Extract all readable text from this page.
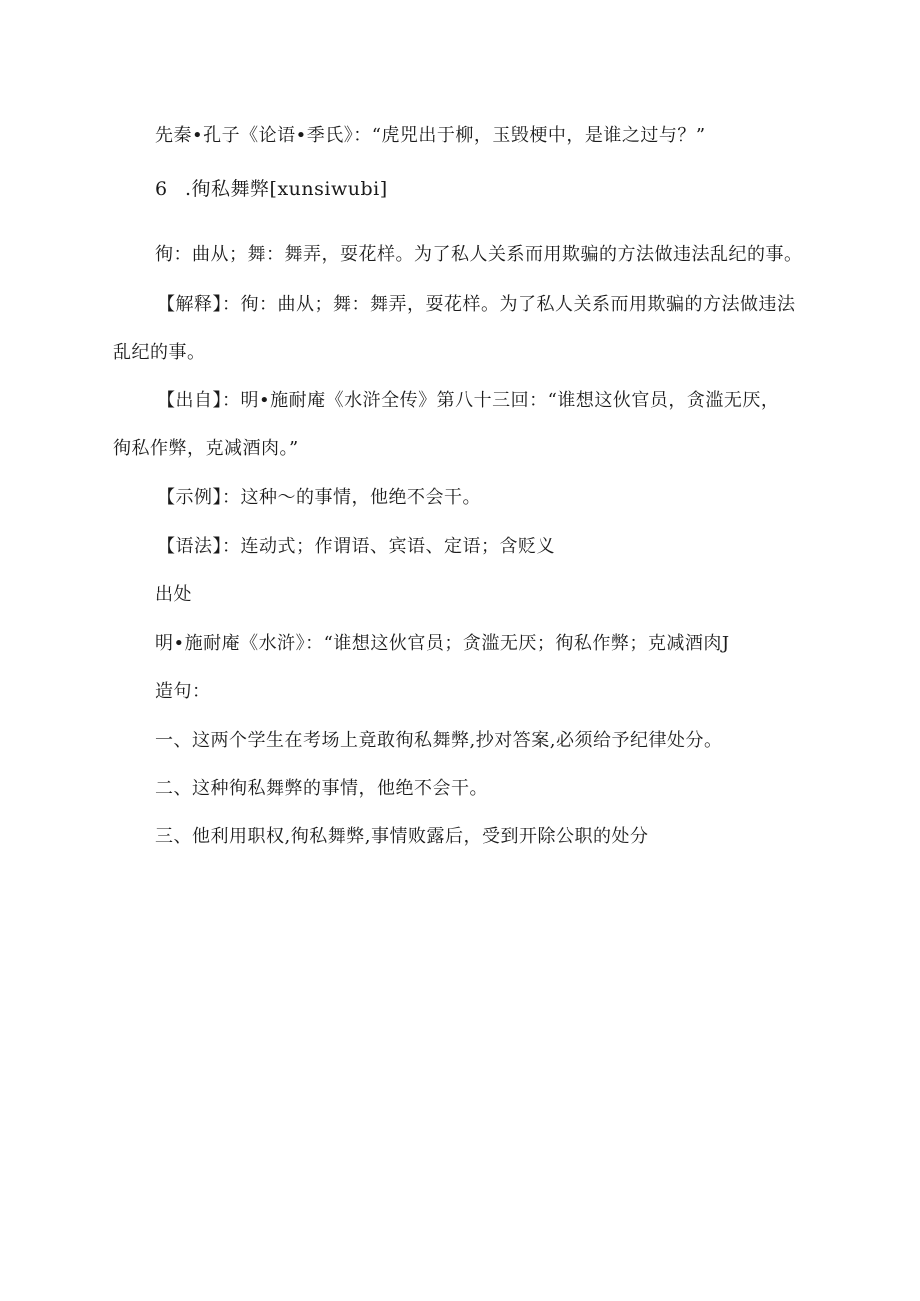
先秦•孔子《论语•季氏》：“虎兕出于柳，玉毁梗中，是谁之过与？”
6 .徇私舞弊[xunsiwubi]
徇：曲从；舞：舞弄，耍花样。为了私人关系而用欺骗的方法做违法乱纪的事。
【解释】：徇：曲从；舞：舞弄，耍花样。为了私人关系而用欺骗的方法做违法
乱纪的事。
【出自】：明•施耐庵《水浒全传》第八十三回：“谁想这伙官员，贪滥无厌，
徇私作弊，克减酒肉。”
【示例】：这种～的事情，他绝不会干。
【语法】：连动式；作谓语、宾语、定语；含贬义
出处
明•施耐庵《水浒》：“谁想这伙官员；贪滥无厌；徇私作弊；克减酒肉J
造句：
一、这两个学生在考场上竟敢徇私舞弊,抄对答案,必须给予纪律处分。
二、这种徇私舞弊的事情，他绝不会干。
三、他利用职权,徇私舞弊,事情败露后，受到开除公职的处分
